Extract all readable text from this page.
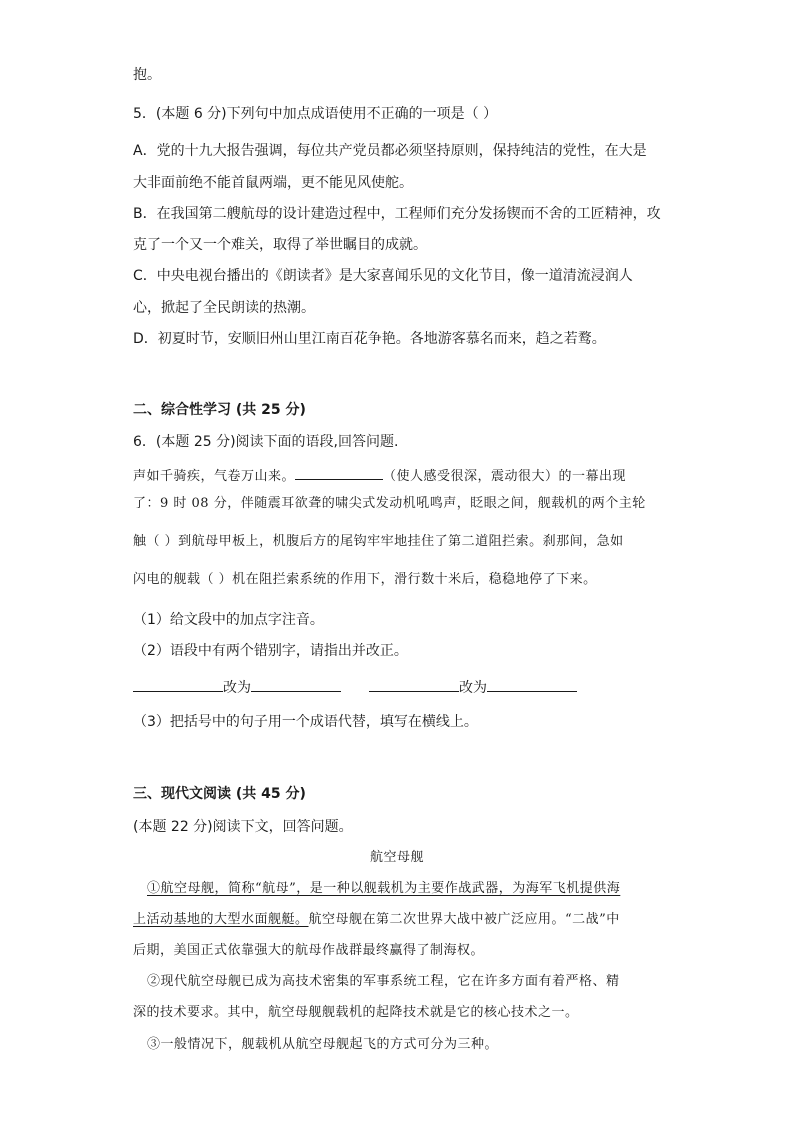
抱。
5．(本题 6 分)下列句中加点成语使用不正确的一项是（ ）
A．党的十九大报告强调，每位共产党员都必须坚持原则，保持纯洁的党性，在大是
大非面前绝不能首鼠两端，更不能见风使舵。
B．在我国第二艘航母的设计建造过程中，工程师们充分发扬锲而不舍的工匠精神，攻
克了一个又一个难关，取得了举世瞩目的成就。
C．中央电视台播出的《朗读者》是大家喜闻乐见的文化节目，像一道清流浸润人
心，掀起了全民朗读的热潮。
D．初夏时节，安顺旧州山里江南百花争艳。各地游客慕名而来，趋之若鹜。
二、综合性学习 (共 25 分)
6．(本题 25 分)阅读下面的语段,回答问题.
声如千骑疾，气卷万山来。	（使人感受很深，震动很大）的一幕出现
了：9 时 08 分，伴随震耳欲聋的啸尖式发动机吼鸣声，眨眼之间，舰载机的两个主轮
触（ ）到航母甲板上，机腹后方的尾钩牢牢地挂住了第二道阻拦索。刹那间，急如
闪电的舰载（ ）机在阻拦索系统的作用下，滑行数十米后，稳稳地停了下来。
（1）给文段中的加点字注音。
（2）语段中有两个错别字，请指出并改正。
改为	改为
（3）把括号中的句子用一个成语代替，填写在横线上。
三、现代文阅读 (共 45 分)
(本题 22 分)阅读下文，回答问题。
航空母舰
①航空母舰，简称“航母”，是一种以舰载机为主要作战武器，为海军飞机提供海
上活动基地的大型水面舰艇。航空母舰在第二次世界大战中被广泛应用。“二战”中
后期，美国正式依靠强大的航母作战群最终赢得了制海权。
②现代航空母舰已成为高技术密集的军事系统工程，它在许多方面有着严格、精
深的技术要求。其中，航空母舰舰载机的起降技术就是它的核心技术之一。
③一般情况下，舰载机从航空母舰起飞的方式可分为三种。
